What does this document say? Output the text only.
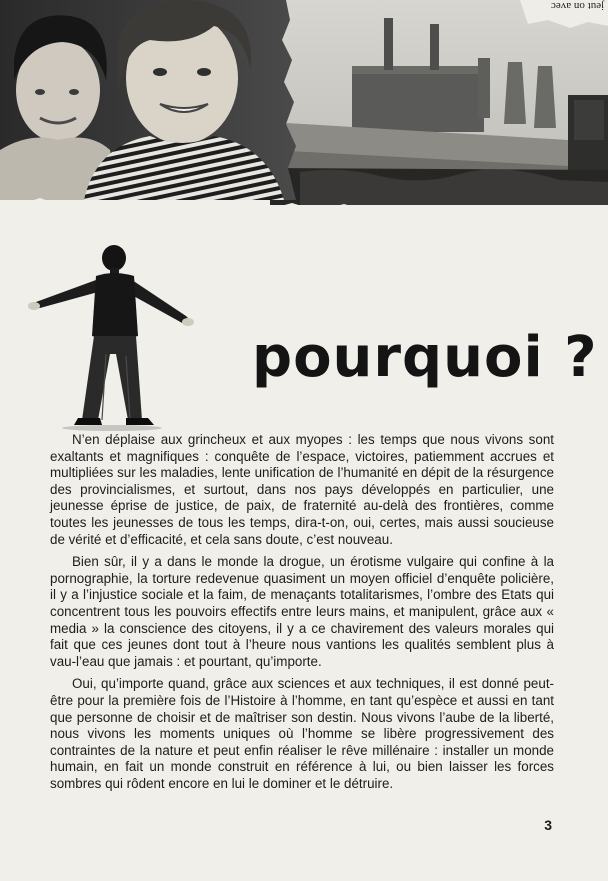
jeut on avec
pourquoi ?

N’en déplaise aux grincheux et aux myopes : les temps que nous vivons sont exaltants et magnifiques : conquête de l’espace, victoires, patiemment accrues et multipliées sur les maladies, lente unification de l’humanité en dépit de la résurgence des provincialismes, et surtout, dans nos pays développés en particulier, une jeunesse éprise de justice, de paix, de fraternité au-delà des frontières, comme toutes les jeunesses de tous les temps, dira-t-on, oui, certes, mais aussi soucieuse de vérité et d’efficacité, et cela sans doute, c’est nouveau.

Bien sûr, il y a dans le monde la drogue, un érotisme vulgaire qui confine à la pornographie, la torture redevenue quasiment un moyen officiel d’enquête policière, il y a l’injustice sociale et la faim, de menaçants totalitarismes, l’ombre des Etats qui concentrent tous les pouvoirs effectifs entre leurs mains, et manipulent, grâce aux « media » la conscience des citoyens, il y a ce chavirement des valeurs morales qui fait que ces jeunes dont tout à l’heure nous vantions les qualités semblent plus à vau-l’eau que jamais : et pourtant, qu’importe.

Oui, qu’importe quand, grâce aux sciences et aux techniques, il est donné peut-être pour la première fois de l’Histoire à l’homme, en tant qu’espèce et aussi en tant que personne de choisir et de maîtriser son destin. Nous vivons l’aube de la liberté, nous vivons les moments uniques où l’homme se libère progressivement des contraintes de la nature et peut enfin réaliser le rêve millénaire : installer un monde humain, en fait un monde construit en référence à lui, ou bien laisser les forces sombres qui rôdent encore en lui le dominer et le détruire.

3
